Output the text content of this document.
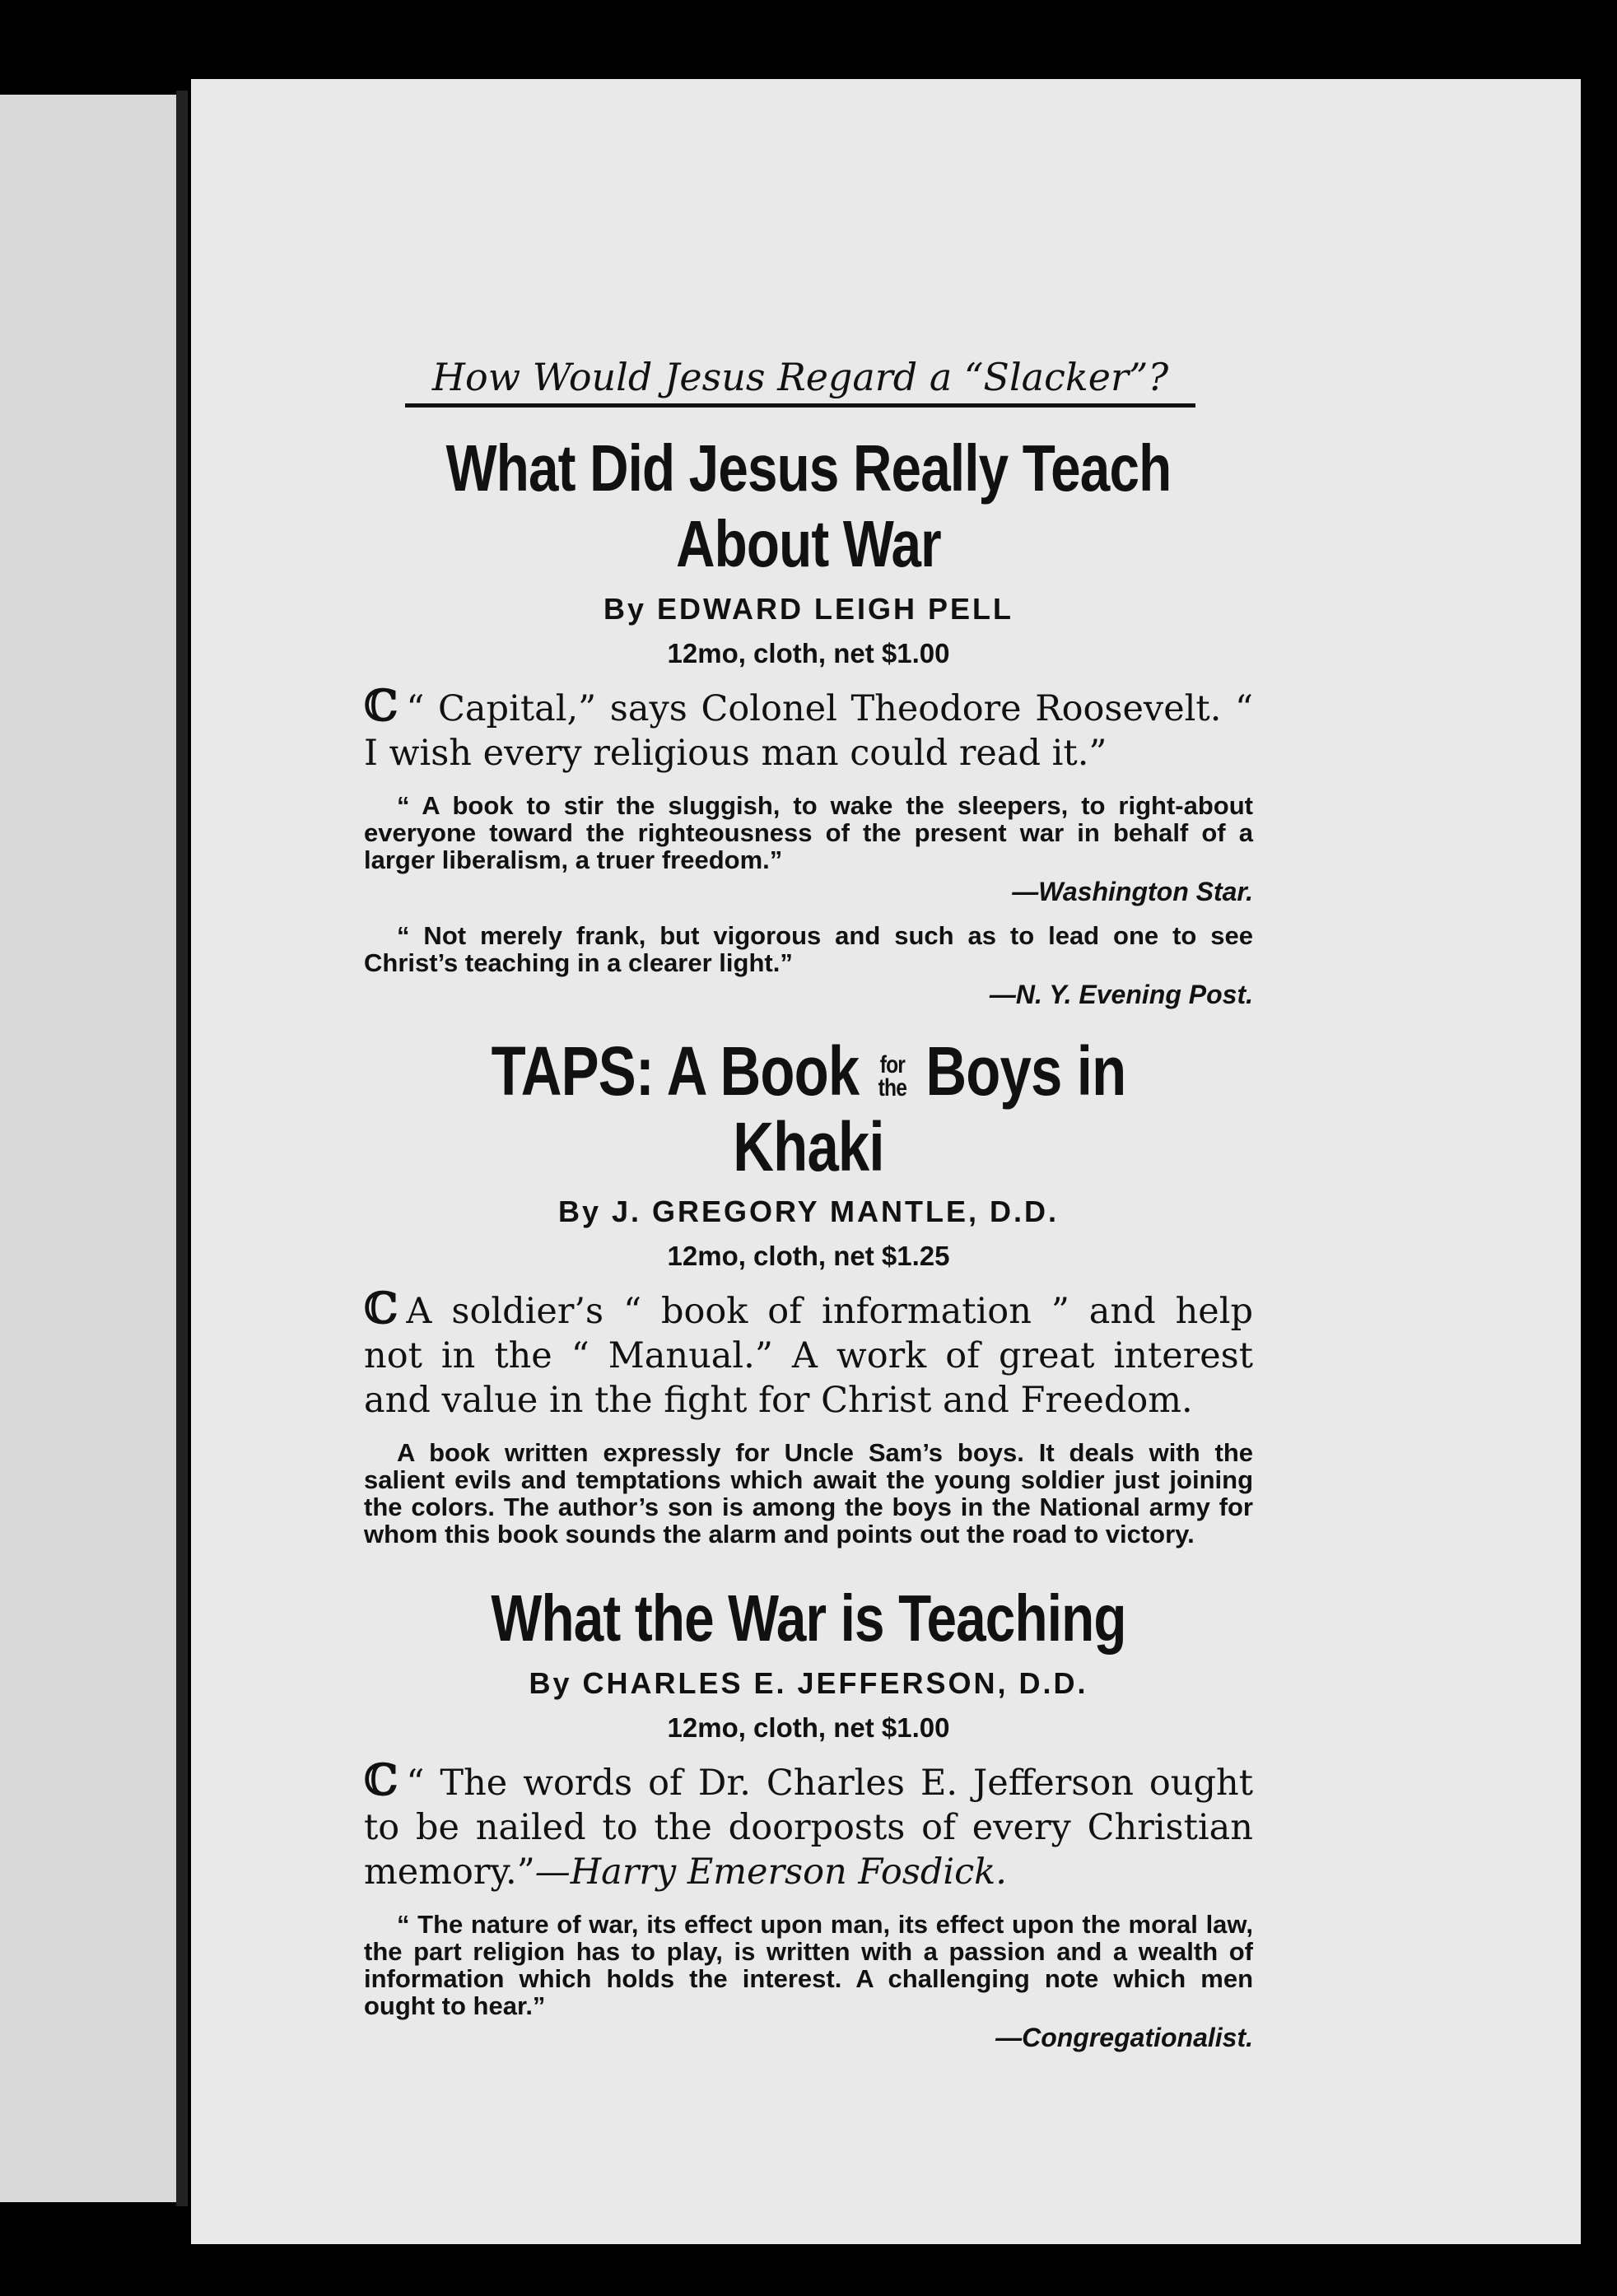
How Would Jesus Regard a “Slacker”?
What Did Jesus Really Teach
About War
By EDWARD LEIGH PELL
12mo, cloth, net $1.00

ℂ “ Capital,” says Colonel Theodore Roosevelt. “ I wish every religious man could read it.”

“ A book to stir the sluggish, to wake the sleepers, to right-about everyone toward the righteousness of the present war in behalf of a larger liberalism, a truer freedom.”

—Washington Star.

“ Not merely frank, but vigorous and such as to lead one to see Christ’s teaching in a clearer light.”

—N. Y. Evening Post.
TAPS: A Book for
the Boys in Khaki
By J. GREGORY MANTLE, D.D.
12mo, cloth, net $1.25

ℂ A soldier’s “ book of information ” and help not in the “ Manual.” A work of great interest and value in the fight for Christ and Freedom.

A book written expressly for Uncle Sam’s boys. It deals with the salient evils and temptations which await the young soldier just joining the colors. The author’s son is among the boys in the National army for whom this book sounds the alarm and points out the road to victory.

What the War is Teaching
By CHARLES E. JEFFERSON, D.D.
12mo, cloth, net $1.00

ℂ “ The words of Dr. Charles E. Jefferson ought to be nailed to the doorposts of every Christian memory.”—Harry Emerson Fosdick.

“ The nature of war, its effect upon man, its effect upon the moral law, the part religion has to play, is written with a passion and a wealth of information which holds the interest. A challenging note which men ought to hear.”

—Congregationalist.
